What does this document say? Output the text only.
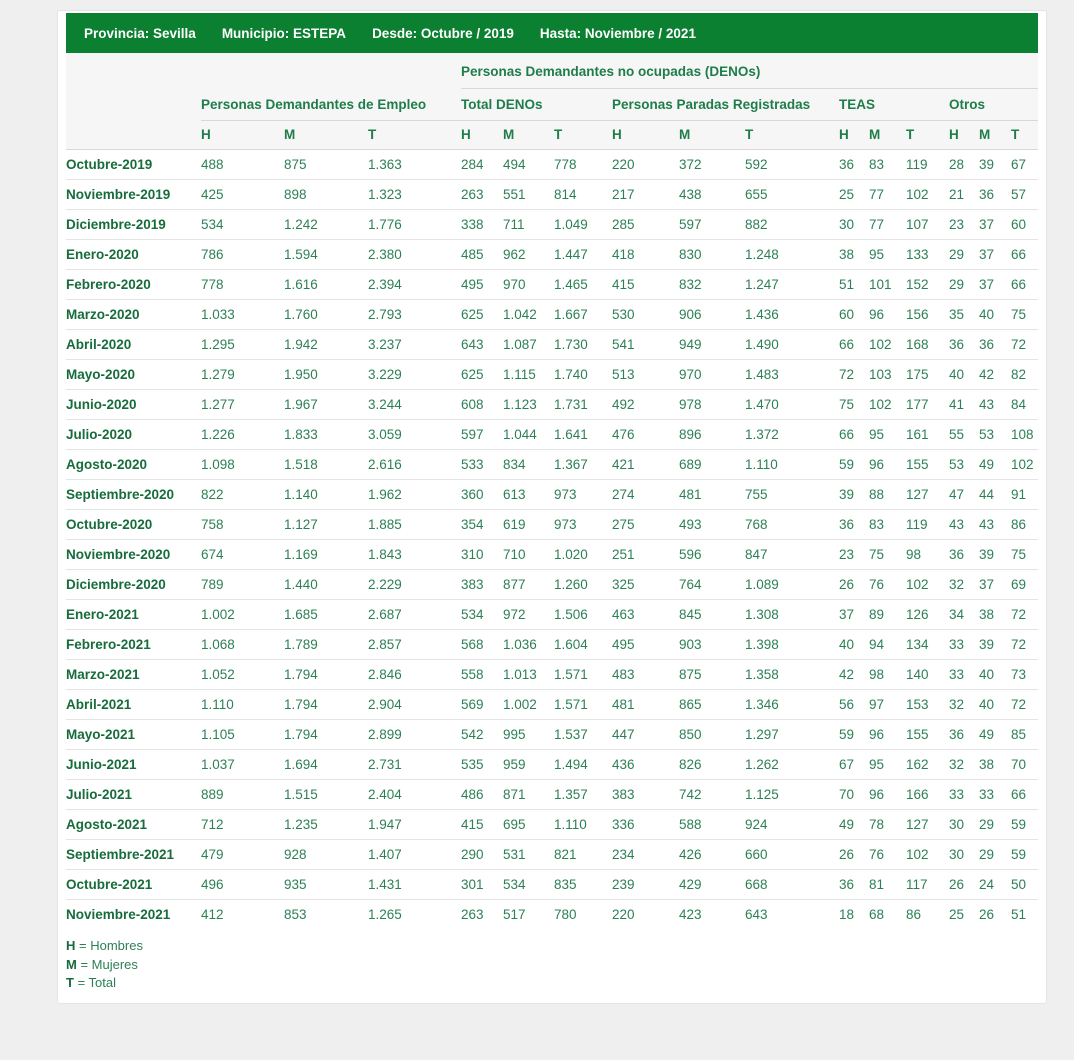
Provincia: Sevilla Municipio: ESTEPA Desde: Octubre / 2019 Hasta: Noviembre / 2021
				Personas Demandantes no ocupadas (DENOs)											
	Personas Demandantes de Empleo			Total DENOs			Personas Paradas Registradas			TEAS			Otros		
	H	M	T	H	M	T	H	M	T	H	M	T	H	M	T
Octubre-2019	488	875	1.363	284	494	778	220	372	592	36	83	119	28	39	67
Noviembre-2019	425	898	1.323	263	551	814	217	438	655	25	77	102	21	36	57
Diciembre-2019	534	1.242	1.776	338	711	1.049	285	597	882	30	77	107	23	37	60
Enero-2020	786	1.594	2.380	485	962	1.447	418	830	1.248	38	95	133	29	37	66
Febrero-2020	778	1.616	2.394	495	970	1.465	415	832	1.247	51	101	152	29	37	66
Marzo-2020	1.033	1.760	2.793	625	1.042	1.667	530	906	1.436	60	96	156	35	40	75
Abril-2020	1.295	1.942	3.237	643	1.087	1.730	541	949	1.490	66	102	168	36	36	72
Mayo-2020	1.279	1.950	3.229	625	1.115	1.740	513	970	1.483	72	103	175	40	42	82
Junio-2020	1.277	1.967	3.244	608	1.123	1.731	492	978	1.470	75	102	177	41	43	84
Julio-2020	1.226	1.833	3.059	597	1.044	1.641	476	896	1.372	66	95	161	55	53	108
Agosto-2020	1.098	1.518	2.616	533	834	1.367	421	689	1.110	59	96	155	53	49	102
Septiembre-2020	822	1.140	1.962	360	613	973	274	481	755	39	88	127	47	44	91
Octubre-2020	758	1.127	1.885	354	619	973	275	493	768	36	83	119	43	43	86
Noviembre-2020	674	1.169	1.843	310	710	1.020	251	596	847	23	75	98	36	39	75
Diciembre-2020	789	1.440	2.229	383	877	1.260	325	764	1.089	26	76	102	32	37	69
Enero-2021	1.002	1.685	2.687	534	972	1.506	463	845	1.308	37	89	126	34	38	72
Febrero-2021	1.068	1.789	2.857	568	1.036	1.604	495	903	1.398	40	94	134	33	39	72
Marzo-2021	1.052	1.794	2.846	558	1.013	1.571	483	875	1.358	42	98	140	33	40	73
Abril-2021	1.110	1.794	2.904	569	1.002	1.571	481	865	1.346	56	97	153	32	40	72
Mayo-2021	1.105	1.794	2.899	542	995	1.537	447	850	1.297	59	96	155	36	49	85
Junio-2021	1.037	1.694	2.731	535	959	1.494	436	826	1.262	67	95	162	32	38	70
Julio-2021	889	1.515	2.404	486	871	1.357	383	742	1.125	70	96	166	33	33	66
Agosto-2021	712	1.235	1.947	415	695	1.110	336	588	924	49	78	127	30	29	59
Septiembre-2021	479	928	1.407	290	531	821	234	426	660	26	76	102	30	29	59
Octubre-2021	496	935	1.431	301	534	835	239	429	668	36	81	117	26	24	50
Noviembre-2021	412	853	1.265	263	517	780	220	423	643	18	68	86	25	26	51
H = Hombres
M = Mujeres
T = Total
